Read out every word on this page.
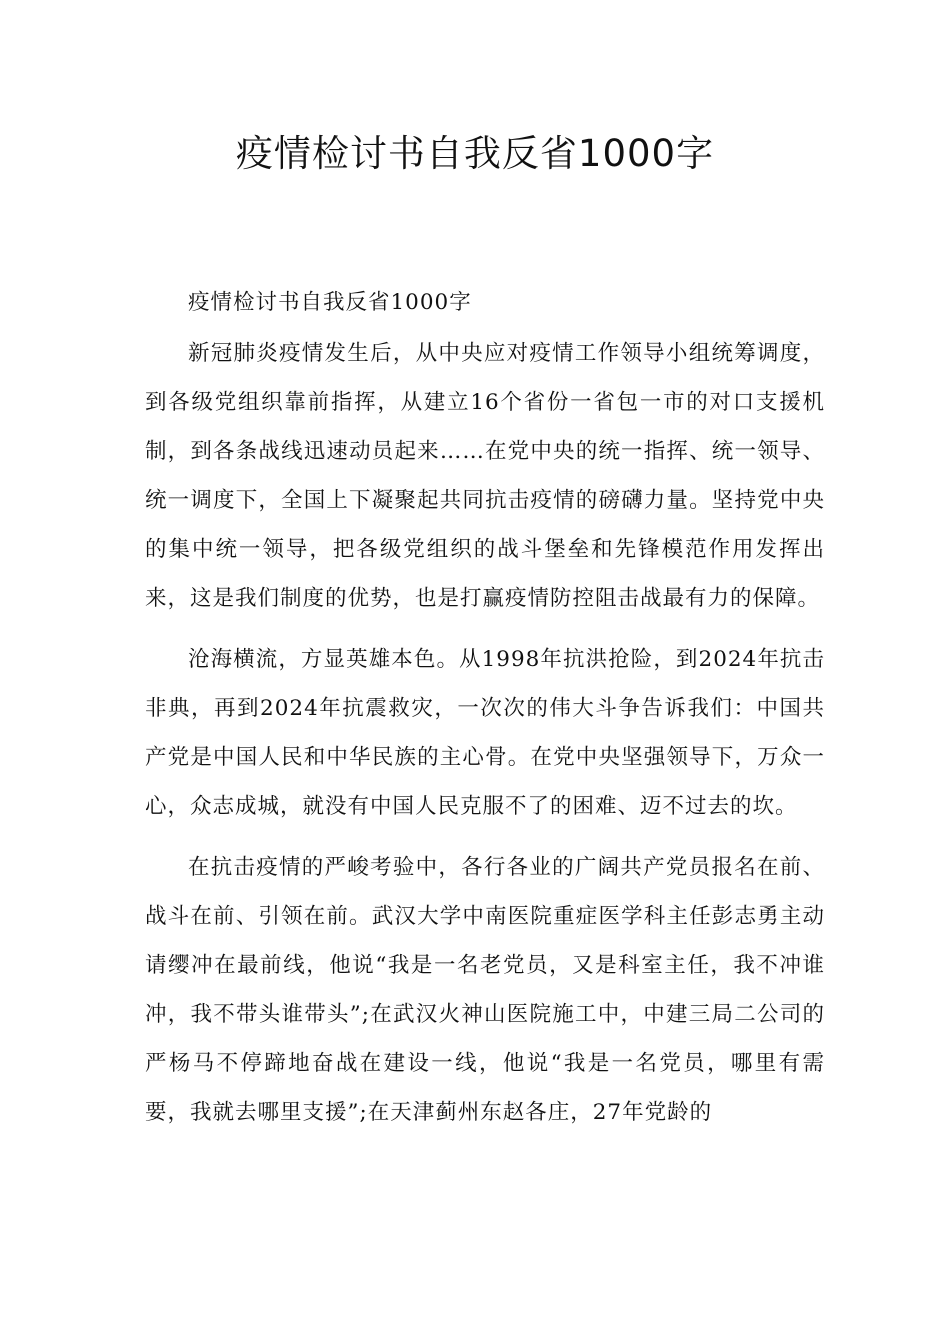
疫情检讨书自我反省1000字

疫情检讨书自我反省1000字

新冠肺炎疫情发生后，从中央应对疫情工作领导小组统筹调度，到各级党组织靠前指挥，从建立16个省份一省包一市的对口支援机制，到各条战线迅速动员起来……在党中央的统一指挥、统一领导、统一调度下，全国上下凝聚起共同抗击疫情的磅礴力量。坚持党中央的集中统一领导，把各级党组织的战斗堡垒和先锋模范作用发挥出来，这是我们制度的优势，也是打赢疫情防控阻击战最有力的保障。

沧海横流，方显英雄本色。从1998年抗洪抢险，到2024年抗击非典，再到2024年抗震救灾，一次次的伟大斗争告诉我们：中国共产党是中国人民和中华民族的主心骨。在党中央坚强领导下，万众一心，众志成城，就没有中国人民克服不了的困难、迈不过去的坎。

在抗击疫情的严峻考验中，各行各业的广阔共产党员报名在前、战斗在前、引领在前。武汉大学中南医院重症医学科主任彭志勇主动请缨冲在最前线，他说“我是一名老党员，又是科室主任，我不冲谁冲，我不带头谁带头”;在武汉火神山医院施工中，中建三局二公司的严杨马不停蹄地奋战在建设一线，他说“我是一名党员，哪里有需要，我就去哪里支援”;在天津蓟州东赵各庄，27年党龄的
